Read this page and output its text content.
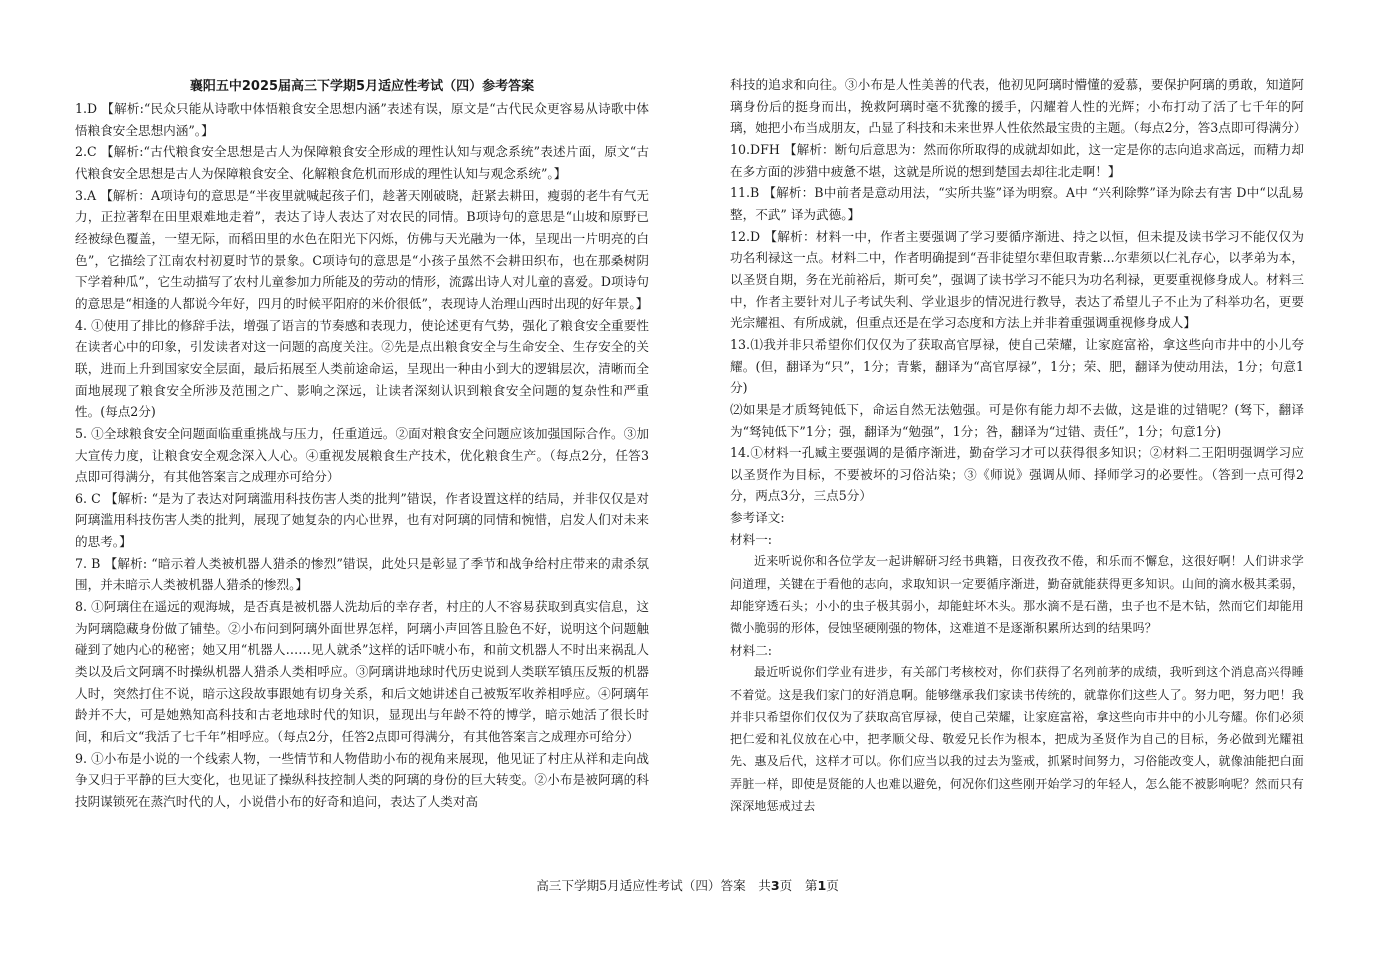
襄阳五中2025届高三下学期5月适应性考试（四）参考答案

1.D 【解析:“民众只能从诗歌中体悟粮食安全思想内涵”表述有误，原文是“古代民众更容易从诗歌中体悟粮食安全思想内涵”。】

2.C 【解析:“古代粮食安全思想是古人为保障粮食安全形成的理性认知与观念系统”表述片面，原文“古代粮食安全思想是古人为保障粮食安全、化解粮食危机而形成的理性认知与观念系统”。】

3.A 【解析：A项诗句的意思是“半夜里就喊起孩子们，趁著天刚破晓，赶紧去耕田，瘦弱的老牛有气无力，正拉著犁在田里艰难地走着”，表达了诗人表达了对农民的同情。B项诗句的意思是“山坡和原野已经被绿色覆盖，一望无际，而稻田里的水色在阳光下闪烁，仿佛与天光融为一体，呈现出一片明亮的白色”，它描绘了江南农村初夏时节的景象。C项诗句的意思是“小孩子虽然不会耕田织布，也在那桑树阴下学着种瓜”，它生动描写了农村儿童参加力所能及的劳动的情形，流露出诗人对儿童的喜爱。D项诗句的意思是“相逢的人都说今年好，四月的时候平阳府的米价很低”，表现诗人治理山西时出现的好年景。】

4. ①使用了排比的修辞手法，增强了语言的节奏感和表现力，使论述更有气势，强化了粮食安全重要性在读者心中的印象，引发读者对这一问题的高度关注。②先是点出粮食安全与生命安全、生存安全的关联，进而上升到国家安全层面，最后拓展至人类前途命运，呈现出一种由小到大的逻辑层次，清晰而全面地展现了粮食安全所涉及范围之广、影响之深远，让读者深刻认识到粮食安全问题的复杂性和严重性。(每点2分)

5. ①全球粮食安全问题面临重重挑战与压力，任重道远。②面对粮食安全问题应该加强国际合作。③加大宣传力度，让粮食安全观念深入人心。④重视发展粮食生产技术，优化粮食生产。（每点2分，任答3点即可得满分，有其他答案言之成理亦可给分）

6. C 【解析: “是为了表达对阿璃滥用科技伤害人类的批判”错误，作者设置这样的结局，并非仅仅是对阿璃滥用科技伤害人类的批判，展现了她复杂的内心世界，也有对阿璃的同情和惋惜，启发人们对未来的思考。】

7. B 【解析: “暗示着人类被机器人猎杀的惨烈”错误，此处只是彰显了季节和战争给村庄带来的肃杀氛围，并未暗示人类被机器人猎杀的惨烈。】

8. ①阿璃住在遥远的观海城，是否真是被机器人洗劫后的幸存者，村庄的人不容易获取到真实信息，这为阿璃隐藏身份做了铺垫。②小布问到阿璃外面世界怎样，阿璃小声回答且脸色不好，说明这个问题触碰到了她内心的秘密；她又用“机器人……见人就杀”这样的话吓唬小布，和前文机器人不时出来祸乱人类以及后文阿璃不时操纵机器人猎杀人类相呼应。③阿璃讲地球时代历史说到人类联军镇压反叛的机器人时，突然打住不说，暗示这段故事跟她有切身关系，和后文她讲述自己被叛军收养相呼应。④阿璃年龄并不大，可是她熟知高科技和古老地球时代的知识，显现出与年龄不符的博学，暗示她活了很长时间，和后文“我活了七千年”相呼应。（每点2分，任答2点即可得满分，有其他答案言之成理亦可给分）

9. ①小布是小说的一个线索人物，一些情节和人物借助小布的视角来展现，他见证了村庄从祥和走向战争又归于平静的巨大变化，也见证了操纵科技控制人类的阿璃的身份的巨大转变。②小布是被阿璃的科技阴谋锁死在蒸汽时代的人，小说借小布的好奇和追问，表达了人类对高

科技的追求和向往。③小布是人性美善的代表，他初见阿璃时懵懂的爱慕，要保护阿璃的勇敢，知道阿璃身份后的挺身而出，挽救阿璃时毫不犹豫的援手，闪耀着人性的光辉；小布打动了活了七千年的阿璃，她把小布当成朋友，凸显了科技和未来世界人性依然最宝贵的主题。（每点2分，答3点即可得满分）

10.DFH 【解析：断句后意思为：然而你所取得的成就却如此，这一定是你的志向追求高远，而精力却在多方面的涉猎中疲惫不堪，这就是所说的想到楚国去却往北走啊！】

11.B 【解析：B中前者是意动用法，“实所共鉴”译为明察。A中 “兴利除弊”译为除去有害 D中“以乱易整，不武” 译为武德。】

12.D 【解析：材料一中，作者主要强调了学习要循序渐进、持之以恒，但未提及读书学习不能仅仅为功名利禄这一点。材料二中，作者明确提到“吾非徒望尔辈但取青紫...尔辈须以仁礼存心，以孝弟为本，以圣贤自期，务在光前裕后，斯可矣”，强调了读书学习不能只为功名利禄，更要重视修身成人。材料三中，作者主要针对儿子考试失利、学业退步的情况进行教导，表达了希望儿子不止为了科举功名，更要光宗耀祖、有所成就，但重点还是在学习态度和方法上并非着重强调重视修身成人】

13.⑴我并非只希望你们仅仅为了获取高官厚禄，使自己荣耀，让家庭富裕，拿这些向市井中的小儿夸耀。(但，翻译为“只”，1分；青紫，翻译为“高官厚禄”，1分；荣、肥，翻译为使动用法，1分；句意1分)

⑵如果是才质驽钝低下，命运自然无法勉强。可是你有能力却不去做，这是谁的过错呢？(驽下，翻译为“驽钝低下”1分；强，翻译为“勉强”，1分；咎，翻译为“过错、责任”，1分；句意1分)

14.①材料一孔臧主要强调的是循序渐进，勤奋学习才可以获得很多知识；②材料二王阳明强调学习应以圣贤作为目标，不要被坏的习俗沾染；③《师说》强调从师、择师学习的必要性。（答到一点可得2分，两点3分，三点5分）

参考译文:

材料一:

近来听说你和各位学友一起讲解研习经书典籍，日夜孜孜不倦，和乐而不懈怠，这很好啊！人们讲求学问道理，关键在于看他的志向，求取知识一定要循序渐进，勤奋就能获得更多知识。山间的滴水极其柔弱，却能穿透石头；小小的虫子极其弱小，却能蛀坏木头。那水滴不是石凿，虫子也不是木钻，然而它们却能用微小脆弱的形体，侵蚀坚硬刚强的物体，这难道不是逐渐积累所达到的结果吗？

材料二:

最近听说你们学业有进步，有关部门考核校对，你们获得了名列前茅的成绩，我听到这个消息高兴得睡不着觉。这是我们家门的好消息啊。能够继承我们家读书传统的，就靠你们这些人了。努力吧，努力吧！我并非只希望你们仅仅为了获取高官厚禄，使自己荣耀，让家庭富裕，拿这些向市井中的小儿夸耀。你们必须把仁爱和礼仪放在心中，把孝顺父母、敬爱兄长作为根本，把成为圣贤作为自己的目标，务必做到光耀祖先、惠及后代，这样才可以。你们应当以我的过去为鉴戒，抓紧时间努力，习俗能改变人，就像油能把白面弄脏一样，即使是贤能的人也难以避免，何况你们这些刚开始学习的年轻人，怎么能不被影响呢？然而只有深深地惩戒过去

高三下学期5月适应性考试（四）答案　共3页　第1页
